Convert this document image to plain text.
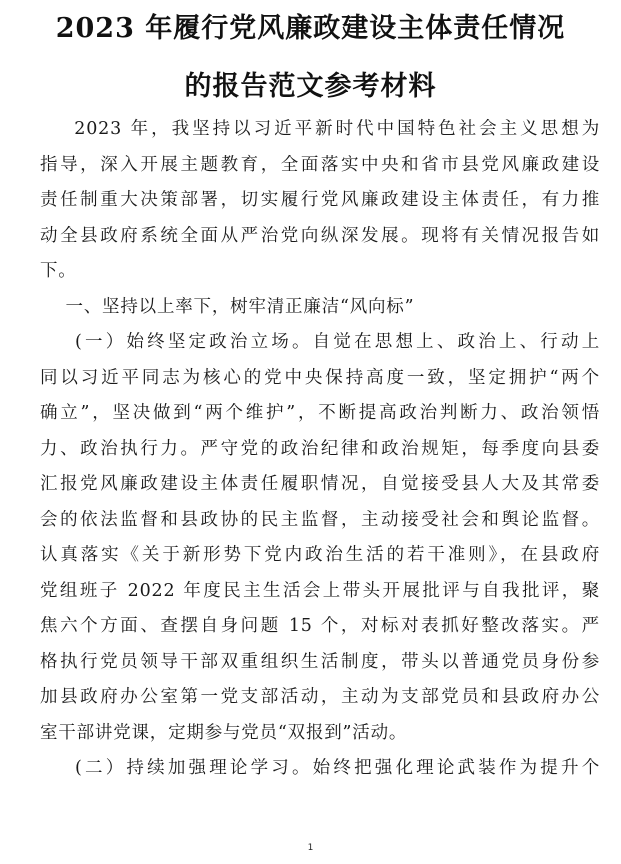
2023 年履行党风廉政建设主体责任情况
的报告范文参考材料
2023 年，我坚持以习近平新时代中国特色社会主义思想为
指导，深入开展主题教育，全面落实中央和省市县党风廉政建设
责任制重大决策部署，切实履行党风廉政建设主体责任，有力推
动全县政府系统全面从严治党向纵深发展。现将有关情况报告如
下。
一、坚持以上率下，树牢清正廉洁“风向标”
(一）始终坚定政治立场。自觉在思想上、政治上、行动上
同以习近平同志为核心的党中央保持高度一致，坚定拥护“两个
确立”，坚决做到“两个维护”，不断提高政治判断力、政治领悟
力、政治执行力。严守党的政治纪律和政治规矩，每季度向县委
汇报党风廉政建设主体责任履职情况，自觉接受县人大及其常委
会的依法监督和县政协的民主监督，主动接受社会和舆论监督。
认真落实《关于新形势下党内政治生活的若干准则》，在县政府
党组班子 2022 年度民主生活会上带头开展批评与自我批评，聚
焦六个方面、查摆自身问题 15 个，对标对表抓好整改落实。严
格执行党员领导干部双重组织生活制度，带头以普通党员身份参
加县政府办公室第一党支部活动，主动为支部党员和县政府办公
室干部讲党课，定期参与党员“双报到”活动。
(二）持续加强理论学习。始终把强化理论武装作为提升个
1
